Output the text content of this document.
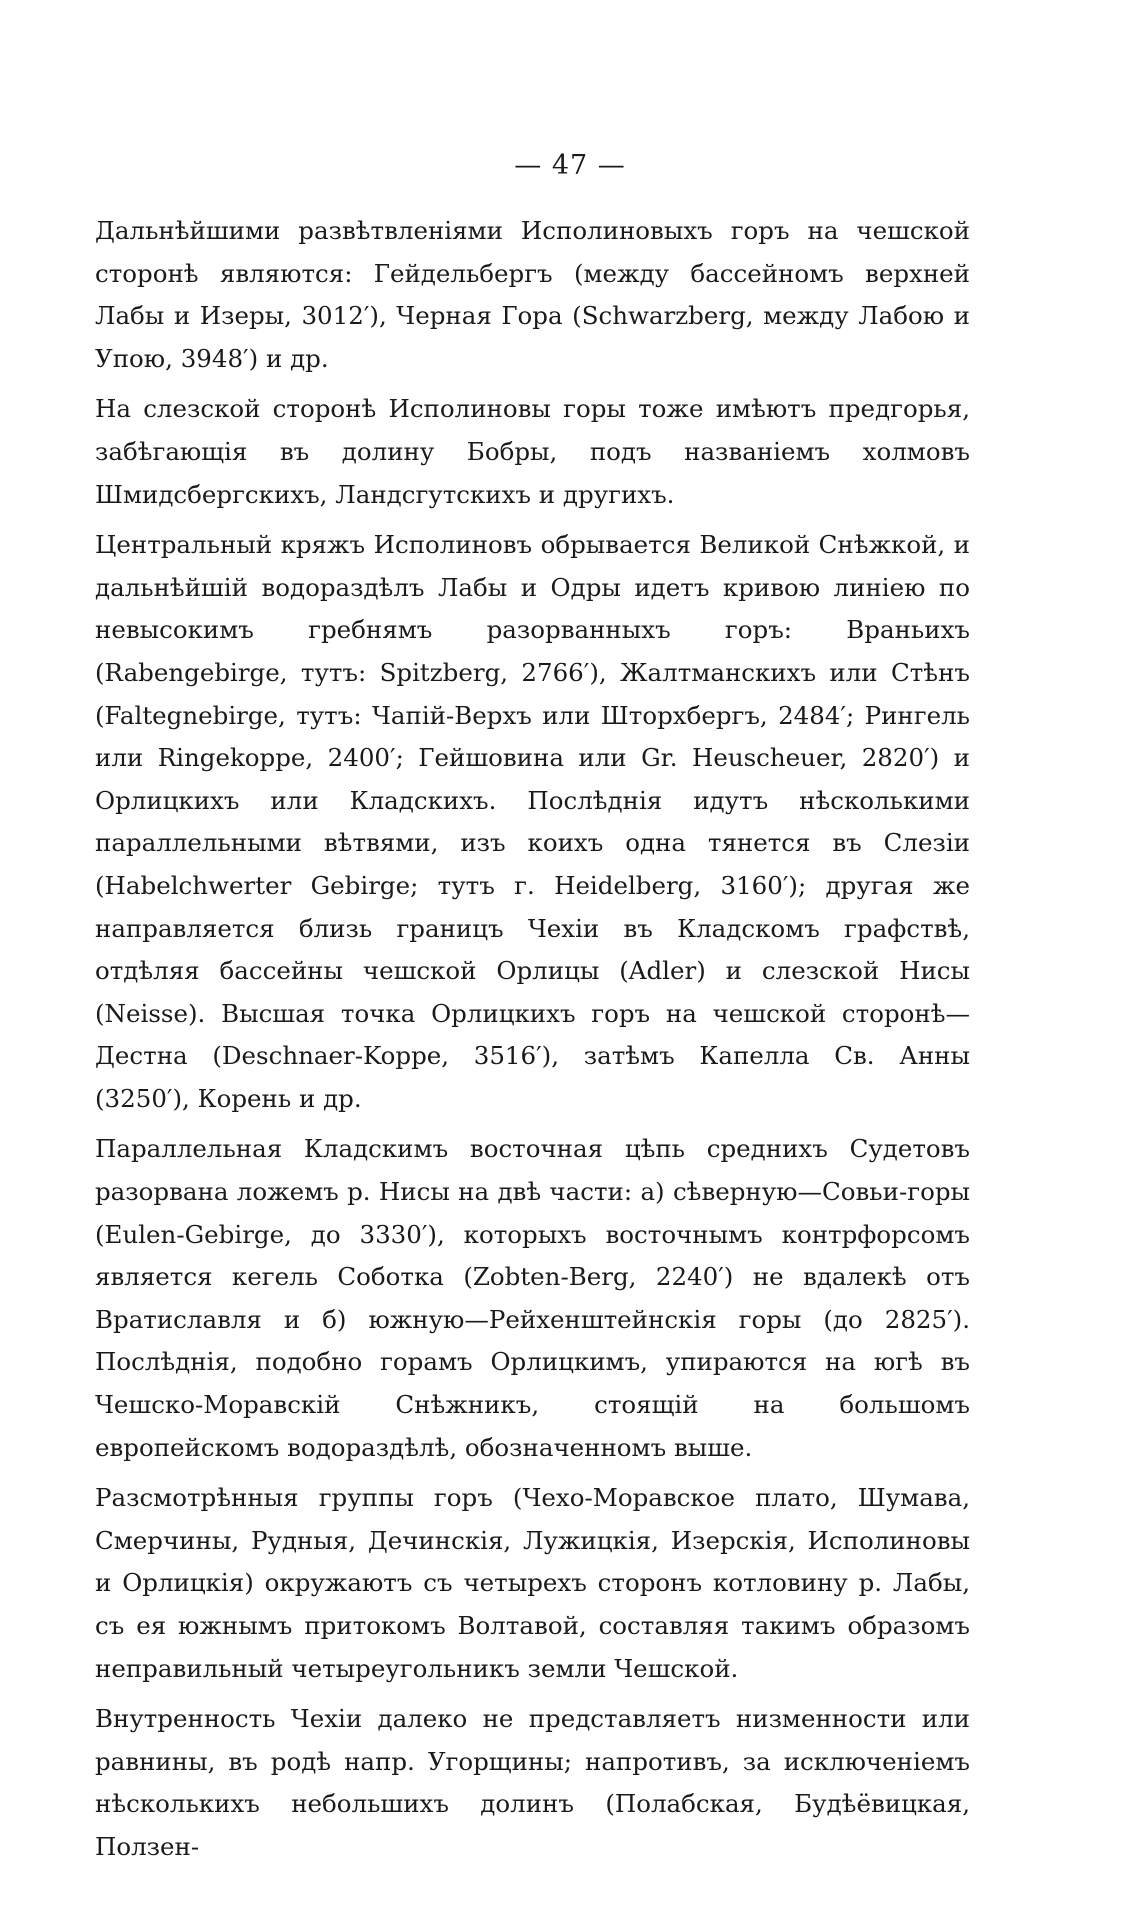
— 47 —

Дальнѣйшими развѣтвленіями Исполиновыхъ горъ на чешской сторонѣ являются: Гейдельбергъ (между бассейномъ верхней Лабы и Изеры, 3012′), Черная Гора (Schwarzberg, между Лабою и Упою, 3948′) и др.

На слезской сторонѣ Исполиновы горы тоже имѣютъ предгорья, забѣгающія въ долину Бобры, подъ названіемъ холмовъ Шмидсбергскихъ, Ландсгутскихъ и другихъ.

Центральный кряжъ Исполиновъ обрывается Великой Снѣжкой, и дальнѣйшій водораздѣлъ Лабы и Одры идетъ кривою линіею по невысокимъ гребнямъ разорванныхъ горъ: Враньихъ (Rabengebirge, тутъ: Spitzberg, 2766′), Жалтманскихъ или Стѣнъ (Faltegnebirge, тутъ: Чапій-Верхъ или Шторхбергъ, 2484′; Рингель или Ringekoppe, 2400′; Гейшовина или Gr. Heuscheuer, 2820′) и Орлицкихъ или Кладскихъ. Послѣднія идутъ нѣсколькими параллельными вѣтвями, изъ коихъ одна тянется въ Слезіи (Habelchwerter Gebirge; тутъ г. Heidelberg, 3160′); другая же направляется близь границъ Чехіи въ Кладскомъ графствѣ, отдѣляя бассейны чешской Орлицы (Adler) и слезской Нисы (Neisse). Высшая точка Орлицкихъ горъ на чешской сторонѣ—Дестна (Deschnaer-Koppe, 3516′), затѣмъ Капелла Св. Анны (3250′), Корень и др.

Параллельная Кладскимъ восточная цѣпь среднихъ Судетовъ разорвана ложемъ р. Нисы на двѣ части: а) сѣверную—Совьи-горы (Eulen-Gebirge, до 3330′), которыхъ восточнымъ контрфорсомъ является кегель Соботка (Zobten-Berg, 2240′) не вдалекѣ отъ Вратиславля и б) южную—Рейхенштейнскія горы (до 2825′). Послѣднія, подобно горамъ Орлицкимъ, упираются на югѣ въ Чешско-Моравскій Снѣжникъ, стоящій на большомъ европейскомъ водораздѣлѣ, обозначенномъ выше.

Разсмотрѣнныя группы горъ (Чехо-Моравское плато, Шумава, Смерчины, Рудныя, Дечинскія, Лужицкія, Изерскія, Исполиновы и Орлицкія) окружаютъ съ четырехъ сторонъ котловину р. Лабы, съ ея южнымъ притокомъ Волтавой, составляя такимъ образомъ неправильный четыреугольникъ земли Чешской.

Внутренность Чехіи далеко не представляетъ низменности или равнины, въ родѣ напр. Угорщины; напротивъ, за исключеніемъ нѣсколькихъ небольшихъ долинъ (Полабская, Будѣёвицкая, Ползен-
